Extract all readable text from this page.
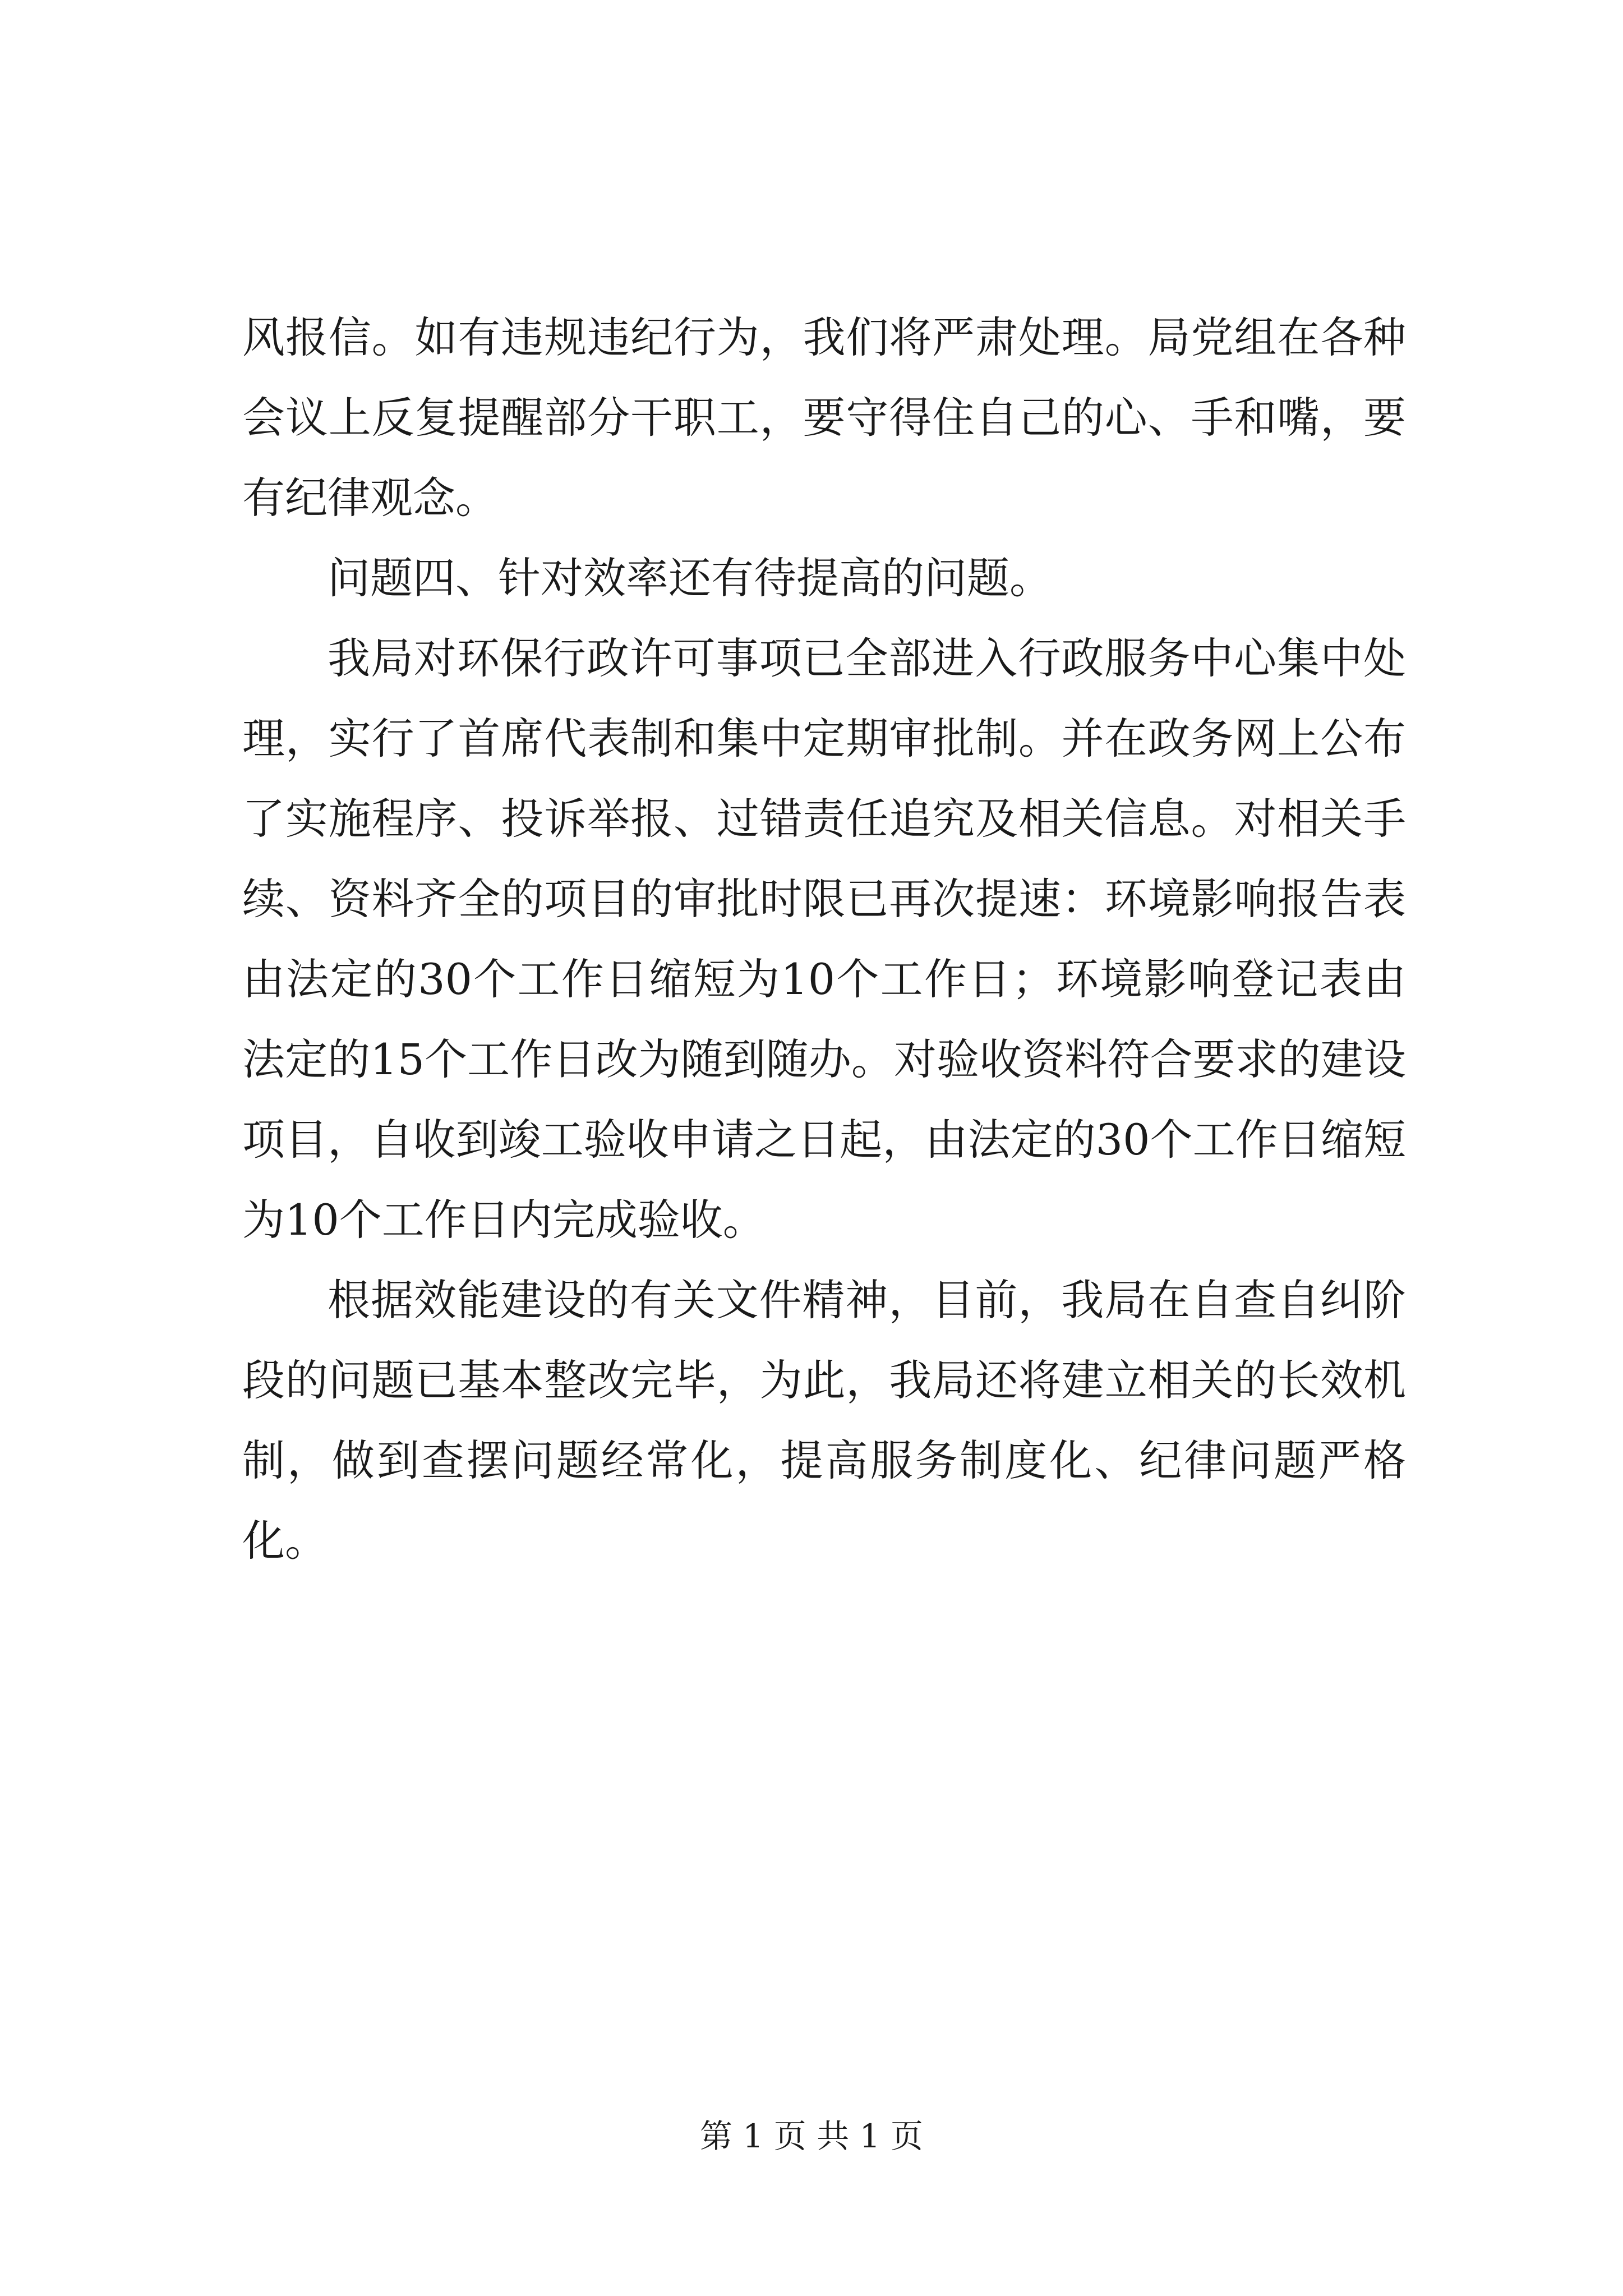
风报信。如有违规违纪行为，我们将严肃处理。局党组在各种会议上反复提醒部分干职工，要守得住自己的心、手和嘴，要有纪律观念。

问题四、针对效率还有待提高的问题。

我局对环保行政许可事项已全部进入行政服务中心集中处理，实行了首席代表制和集中定期审批制。并在政务网上公布了实施程序、投诉举报、过错责任追究及相关信息。对相关手续、资料齐全的项目的审批时限已再次提速：环境影响报告表由法定的30个工作日缩短为10个工作日；环境影响登记表由法定的15个工作日改为随到随办。对验收资料符合要求的建设项目，自收到竣工验收申请之日起，由法定的30个工作日缩短为10个工作日内完成验收。

根据效能建设的有关文件精神，目前，我局在自查自纠阶段的问题已基本整改完毕，为此，我局还将建立相关的长效机制，做到查摆问题经常化，提高服务制度化、纪律问题严格化。

第 1 页 共 1 页
